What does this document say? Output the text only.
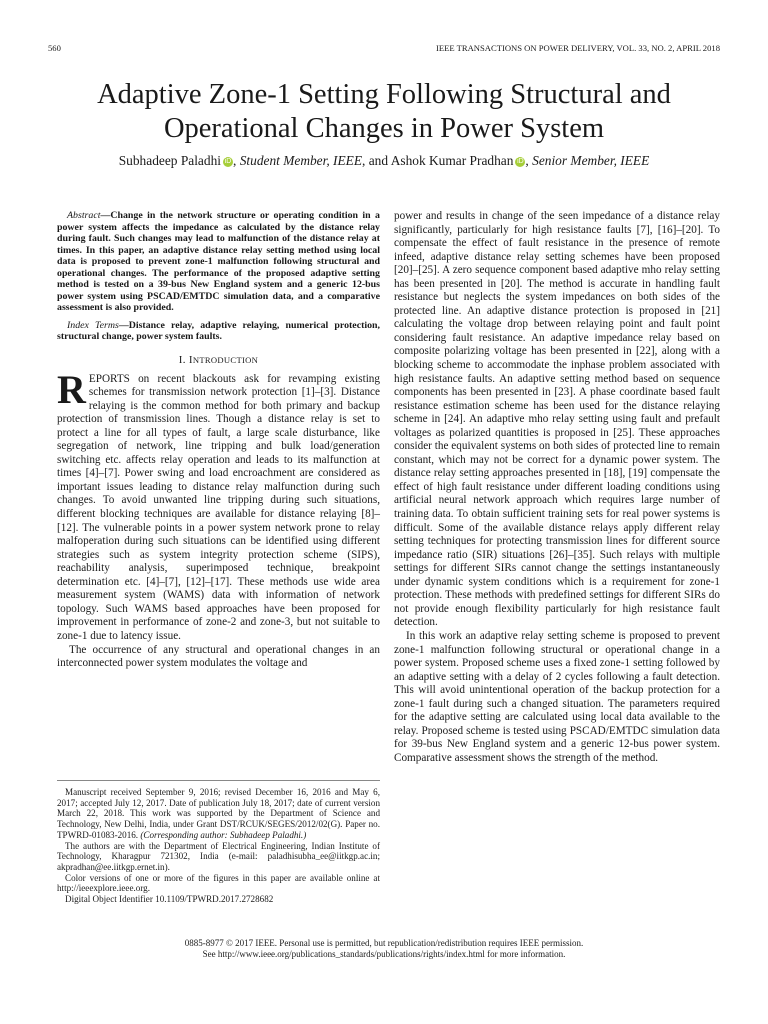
560	IEEE TRANSACTIONS ON POWER DELIVERY, VOL. 33, NO. 2, APRIL 2018
Adaptive Zone-1 Setting Following Structural and Operational Changes in Power System
Subhadeep Paladhi iD , Student Member, IEEE, and Ashok Kumar Pradhan iD , Senior Member, IEEE

Abstract—Change in the network structure or operating condition in a power system affects the impedance as calculated by the distance relay during fault. Such changes may lead to malfunction of the distance relay at times. In this paper, an adaptive distance relay setting method using local data is proposed to prevent zone-1 malfunction following structural and operational changes. The performance of the proposed adaptive setting method is tested on a 39-bus New England system and a generic 12-bus power system using PSCAD/EMTDC simulation data, and a comparative assessment is also provided.

Index Terms—Distance relay, adaptive relaying, numerical protection, structural change, power system faults.

I. INTRODUCTION

REPORTS on recent blackouts ask for revamping existing schemes for transmission network protection [1]–[3]. Distance relaying is the common method for both primary and backup protection of transmission lines. Though a distance relay is set to protect a line for all types of fault, a large scale disturbance, like segregation of network, line tripping and bulk load/generation switching etc. affects relay operation and leads to its malfunction at times [4]–[7]. Power swing and load encroachment are considered as important issues leading to distance relay malfunction during such changes. To avoid unwanted line tripping during such situations, different blocking techniques are available for distance relaying [8]–[12]. The vulnerable points in a power system network prone to relay malfoperation during such situations can be identified using different strategies such as system integrity protection scheme (SIPS), reachability analysis, superimposed technique, breakpoint determination etc. [4]–[7], [12]–[17]. These methods use wide area measurement system (WAMS) data with information of network topology. Such WAMS based approaches have been proposed for improvement in performance of zone-2 and zone-3, but not suitable to zone-1 due to latency issue.

The occurrence of any structural and operational changes in an interconnected power system modulates the voltage and

Manuscript received September 9, 2016; revised December 16, 2016 and May 6, 2017; accepted July 12, 2017. Date of publication July 18, 2017; date of current version March 22, 2018. This work was supported by the Department of Science and Technology, New Delhi, India, under Grant DST/RCUK/SEGES/2012/02(G). Paper no. TPWRD-01083-2016. (Corresponding author: Subhadeep Paladhi.)

The authors are with the Department of Electrical Engineering, Indian Institute of Technology, Kharagpur 721302, India (e-mail: paladhisubha_ee@iitkgp.ac.in; akpradhan@ee.iitkgp.ernet.in).

Color versions of one or more of the figures in this paper are available online at http://ieeexplore.ieee.org.

Digital Object Identifier 10.1109/TPWRD.2017.2728682

power and results in change of the seen impedance of a distance relay significantly, particularly for high resistance faults [7], [16]–[20]. To compensate the effect of fault resistance in the presence of remote infeed, adaptive distance relay setting schemes have been proposed [20]–[25]. A zero sequence component based adaptive mho relay setting has been presented in [20]. The method is accurate in handling fault resistance but neglects the system impedances on both sides of the protected line. An adaptive distance protection is proposed in [21] calculating the voltage drop between relaying point and fault point considering fault resistance. An adaptive impedance relay based on composite polarizing voltage has been presented in [22], along with a blocking scheme to accommodate the inphase problem associated with high resistance faults. An adaptive setting method based on sequence components has been presented in [23]. A phase coordinate based fault resistance estimation scheme has been used for the distance relaying scheme in [24]. An adaptive mho relay setting using fault and prefault voltages as polarized quantities is proposed in [25]. These approaches consider the equivalent systems on both sides of protected line to remain constant, which may not be correct for a dynamic power system. The distance relay setting approaches presented in [18], [19] compensate the effect of high fault resistance under different loading conditions using artificial neural network approach which requires large number of training data. To obtain sufficient training sets for real power systems is difficult. Some of the available distance relays apply different relay setting techniques for protecting transmission lines for different source impedance ratio (SIR) situations [26]–[35]. Such relays with multiple settings for different SIRs cannot change the settings instantaneously under dynamic system conditions which is a requirement for zone-1 protection. These methods with predefined settings for different SIRs do not provide enough flexibility particularly for high resistance fault detection.

In this work an adaptive relay setting scheme is proposed to prevent zone-1 malfunction following structural or operational change in a power system. Proposed scheme uses a fixed zone-1 setting followed by an adaptive setting with a delay of 2 cycles following a fault detection. This will avoid unintentional operation of the backup protection for a zone-1 fault during such a changed situation. The parameters required for the adaptive setting are calculated using local data available to the relay. Proposed scheme is tested using PSCAD/EMTDC simulation data for 39-bus New England system and a generic 12-bus power system. Comparative assessment shows the strength of the method.

0885-8977 © 2017 IEEE. Personal use is permitted, but republication/redistribution requires IEEE permission.
See http://www.ieee.org/publications_standards/publications/rights/index.html for more information.
